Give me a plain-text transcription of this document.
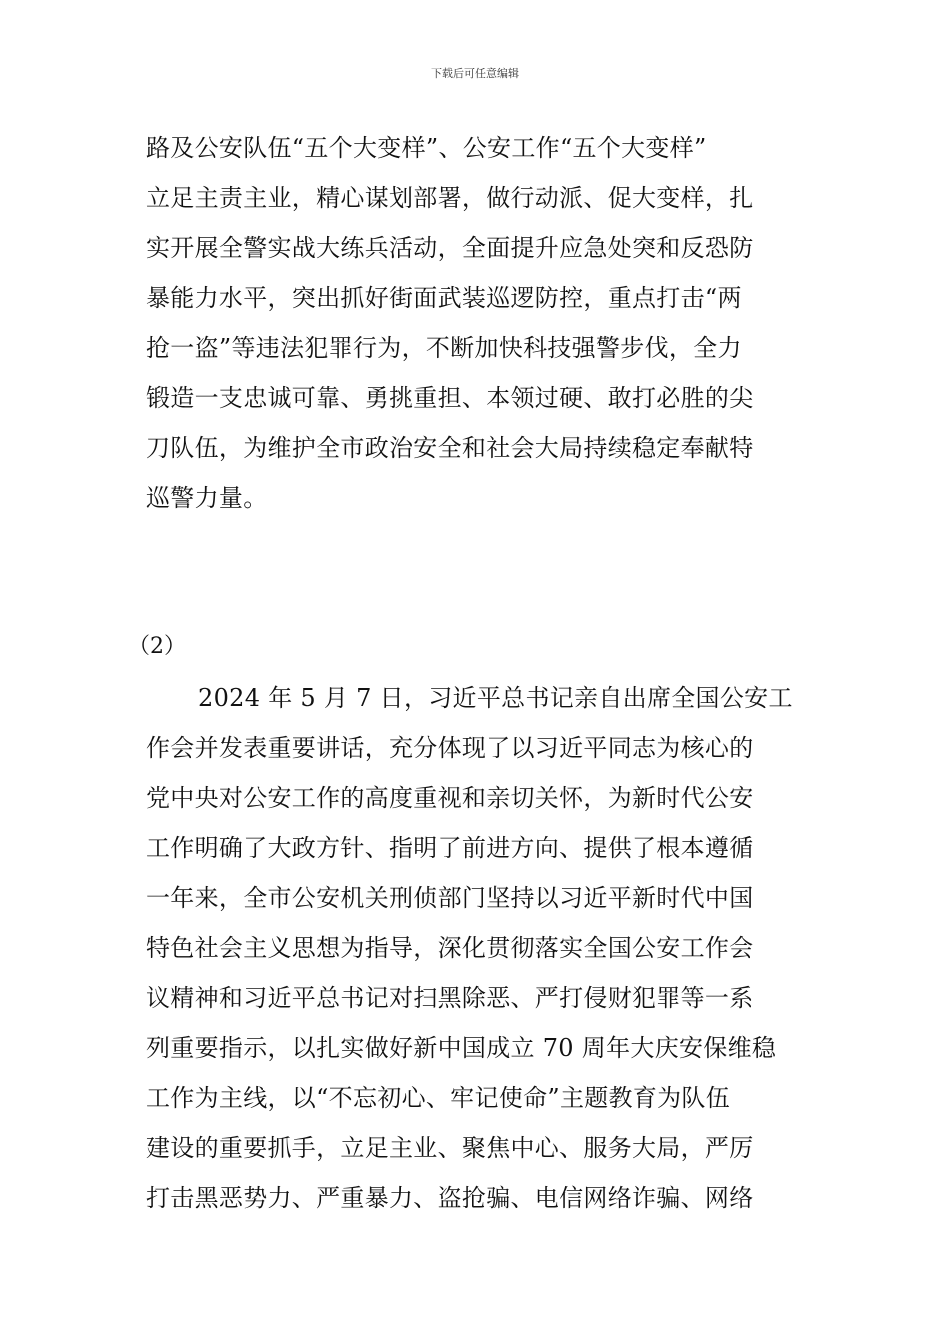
下载后可任意编辑
路及公安队伍“五个大变样”、公安工作“五个大变样”
立足主责主业，精心谋划部署，做行动派、促大变样，扎
实开展全警实战大练兵活动，全面提升应急处突和反恐防
暴能力水平，突出抓好街面武装巡逻防控，重点打击“两
抢一盗”等违法犯罪行为，不断加快科技强警步伐，全力
锻造一支忠诚可靠、勇挑重担、本领过硬、敢打必胜的尖
刀队伍，为维护全市政治安全和社会大局持续稳定奉献特
巡警力量。
（2）
2024 年 5 月 7 日，习近平总书记亲自出席全国公安工
作会并发表重要讲话，充分体现了以习近平同志为核心的
党中央对公安工作的高度重视和亲切关怀，为新时代公安
工作明确了大政方针、指明了前进方向、提供了根本遵循
一年来，全市公安机关刑侦部门坚持以习近平新时代中国
特色社会主义思想为指导，深化贯彻落实全国公安工作会
议精神和习近平总书记对扫黑除恶、严打侵财犯罪等一系
列重要指示，以扎实做好新中国成立 70 周年大庆安保维稳
工作为主线，以“不忘初心、牢记使命”主题教育为队伍
建设的重要抓手，立足主业、聚焦中心、服务大局，严厉
打击黑恶势力、严重暴力、盗抢骗、电信网络诈骗、网络
